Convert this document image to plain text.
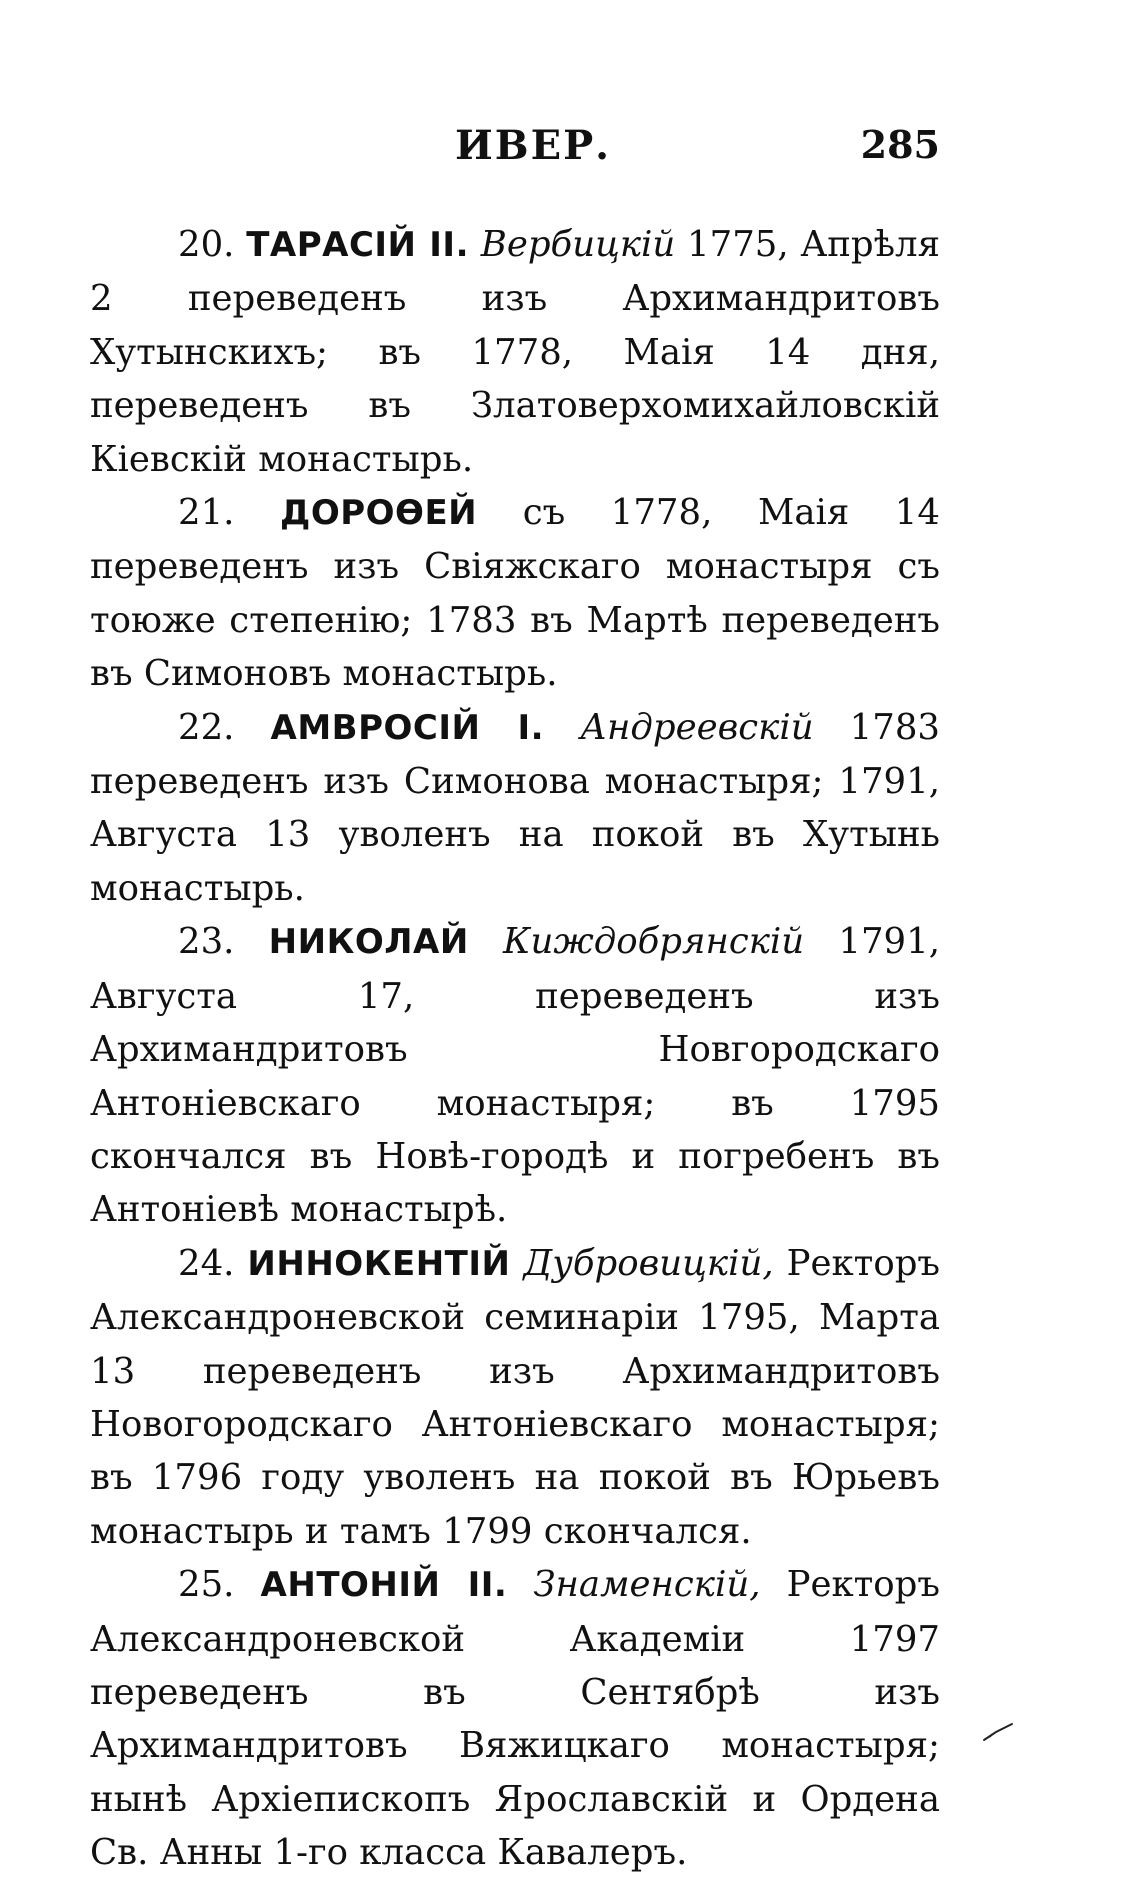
ИВЕР.	285

20. ТАРАСІЙ II. Вербицкій 1775, Апрѣля 2 переведенъ изъ Архимандритовъ Хутынскихъ; въ 1778, Маія 14 дня, переведенъ въ Златоверхомихайловскій Кіевскій монастырь.

21. ДОРОѲЕЙ съ 1778, Маія 14 переведенъ изъ Свіяжскаго монастыря съ тоюже степенію; 1783 въ Мартѣ переведенъ въ Симоновъ монастырь.

22. АМВРОСІЙ I. Андреевскій 1783 переведенъ изъ Симонова монастыря; 1791, Августа 13 уволенъ на покой въ Хутынь монастырь.

23. НИКОЛАЙ Киждобрянскій 1791, Августа 17, переведенъ изъ Архимандритовъ Новгородскаго Антоніевскаго монастыря; въ 1795 скончался въ Новѣ-городѣ и погребенъ въ Антоніевѣ монастырѣ.

24. ИННОКЕНТІЙ Дубровицкій, Ректоръ Александроневской семинаріи 1795, Марта 13 переведенъ изъ Архимандритовъ Новогородскаго Антоніевскаго монастыря; въ 1796 году уволенъ на покой въ Юрьевъ монастырь и тамъ 1799 скончался.

25. АНТОНІЙ II. Знаменскій, Ректоръ Александроневской Академіи 1797 переведенъ въ Сентябрѣ изъ Архимандритовъ Вяжицкаго монастыря; нынѣ Архіепископъ Ярославскій и Ордена Св. Анны 1-го класса Кавалеръ.
